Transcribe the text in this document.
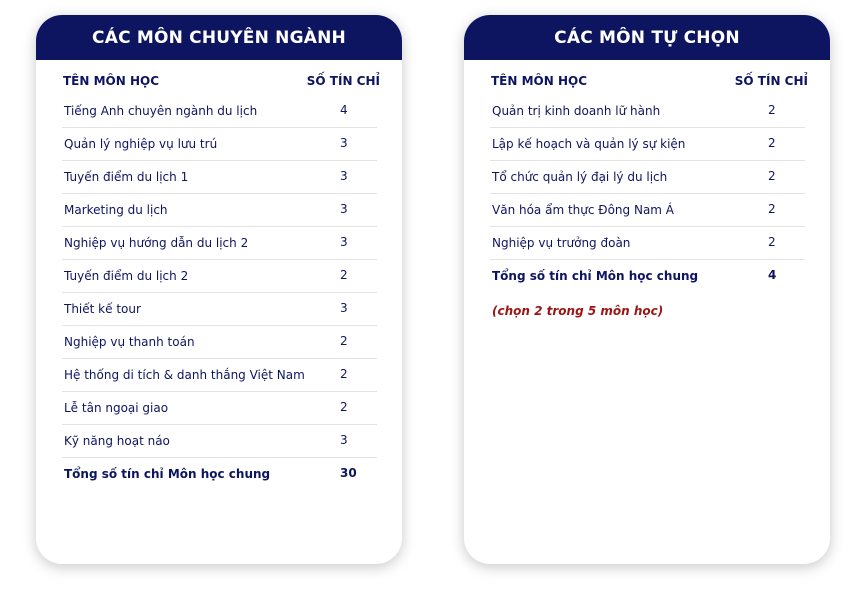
CÁC MÔN CHUYÊN NGÀNH
TÊN MÔN HỌC	SỐ TÍN CHỈ
Tiếng Anh chuyên ngành du lịch	4
Quản lý nghiệp vụ lưu trú	3
Tuyến điểm du lịch 1	3
Marketing du lịch	3
Nghiệp vụ hướng dẫn du lịch 2	3
Tuyến điểm du lịch 2	2
Thiết kế tour	3
Nghiệp vụ thanh toán	2
Hệ thống di tích & danh thắng Việt Nam	2
Lễ tân ngoại giao	2
Kỹ năng hoạt náo	3
Tổng số tín chỉ Môn học chung	30
CÁC MÔN TỰ CHỌN
TÊN MÔN HỌC	SỐ TÍN CHỈ
Quản trị kinh doanh lữ hành	2
Lập kế hoạch và quản lý sự kiện	2
Tổ chức quản lý đại lý du lịch	2
Văn hóa ẩm thực Đông Nam Á	2
Nghiệp vụ trưởng đoàn	2
Tổng số tín chỉ Môn học chung	4
(chọn 2 trong 5 môn học)
